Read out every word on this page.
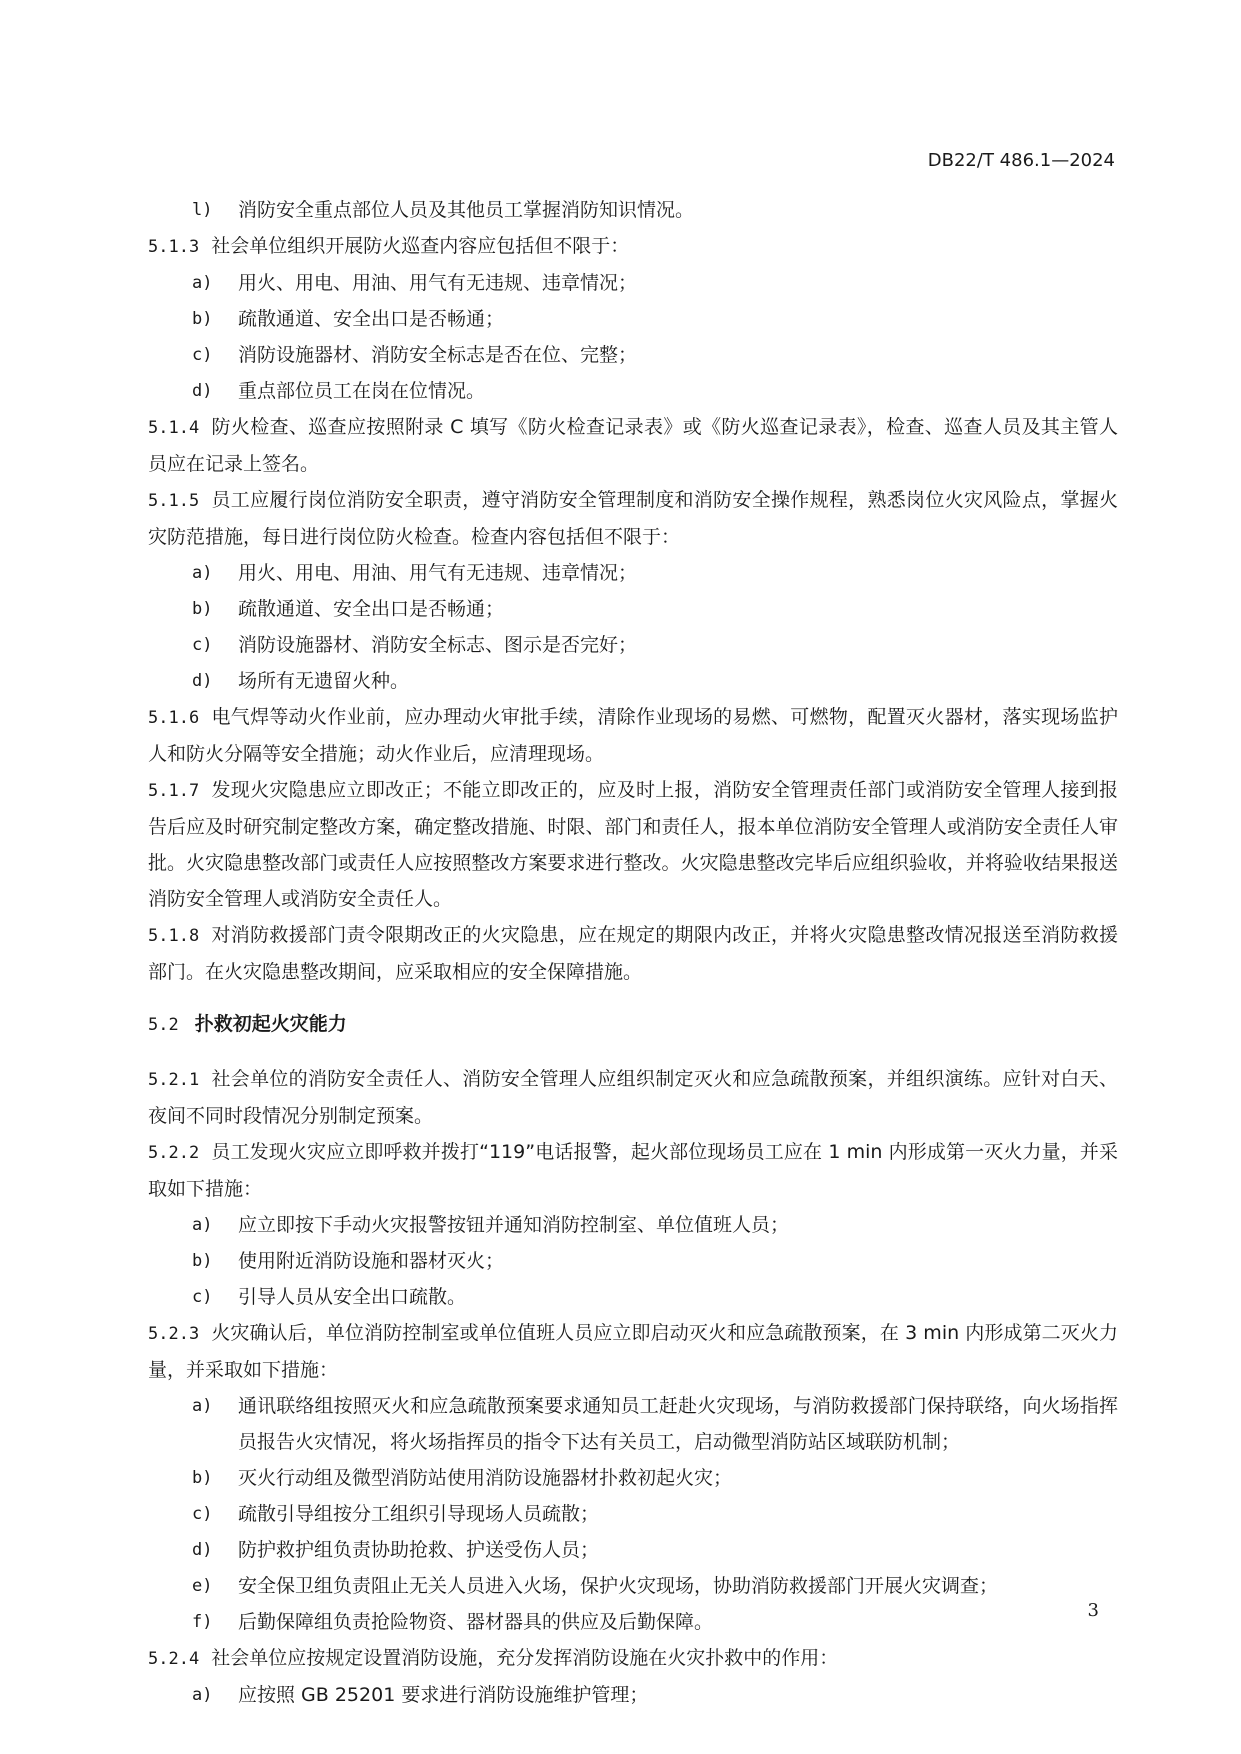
DB22/T 486.1—2024
l)	消防安全重点部位人员及其他员工掌握消防知识情况。

5.1.3 社会单位组织开展防火巡查内容应包括但不限于：

a)	用火、用电、用油、用气有无违规、违章情况；
b)	疏散通道、安全出口是否畅通；
c)	消防设施器材、消防安全标志是否在位、完整；
d)	重点部位员工在岗在位情况。

5.1.4 防火检查、巡查应按照附录 C 填写《防火检查记录表》或《防火巡查记录表》，检查、巡查人员及其主管人员应在记录上签名。

5.1.5 员工应履行岗位消防安全职责，遵守消防安全管理制度和消防安全操作规程，熟悉岗位火灾风险点，掌握火灾防范措施，每日进行岗位防火检查。检查内容包括但不限于：

a)	用火、用电、用油、用气有无违规、违章情况；
b)	疏散通道、安全出口是否畅通；
c)	消防设施器材、消防安全标志、图示是否完好；
d)	场所有无遗留火种。

5.1.6 电气焊等动火作业前，应办理动火审批手续，清除作业现场的易燃、可燃物，配置灭火器材，落实现场监护人和防火分隔等安全措施；动火作业后，应清理现场。

5.1.7 发现火灾隐患应立即改正；不能立即改正的，应及时上报，消防安全管理责任部门或消防安全管理人接到报告后应及时研究制定整改方案，确定整改措施、时限、部门和责任人，报本单位消防安全管理人或消防安全责任人审批。火灾隐患整改部门或责任人应按照整改方案要求进行整改。火灾隐患整改完毕后应组织验收，并将验收结果报送消防安全管理人或消防安全责任人。

5.1.8 对消防救援部门责令限期改正的火灾隐患，应在规定的期限内改正，并将火灾隐患整改情况报送至消防救援部门。在火灾隐患整改期间，应采取相应的安全保障措施。

5.2 扑救初起火灾能力

5.2.1 社会单位的消防安全责任人、消防安全管理人应组织制定灭火和应急疏散预案，并组织演练。应针对白天、夜间不同时段情况分别制定预案。

5.2.2 员工发现火灾应立即呼救并拨打“119”电话报警，起火部位现场员工应在 1 min 内形成第一灭火力量，并采取如下措施：

a)	应立即按下手动火灾报警按钮并通知消防控制室、单位值班人员；
b)	使用附近消防设施和器材灭火；
c)	引导人员从安全出口疏散。

5.2.3 火灾确认后，单位消防控制室或单位值班人员应立即启动灭火和应急疏散预案，在 3 min 内形成第二灭火力量，并采取如下措施：

a)	通讯联络组按照灭火和应急疏散预案要求通知员工赶赴火灾现场，与消防救援部门保持联络，向火场指挥员报告火灾情况，将火场指挥员的指令下达有关员工，启动微型消防站区域联防机制；
b)	灭火行动组及微型消防站使用消防设施器材扑救初起火灾；
c)	疏散引导组按分工组织引导现场人员疏散；
d)	防护救护组负责协助抢救、护送受伤人员；
e)	安全保卫组负责阻止无关人员进入火场，保护火灾现场，协助消防救援部门开展火灾调查；
f)	后勤保障组负责抢险物资、器材器具的供应及后勤保障。

5.2.4 社会单位应按规定设置消防设施，充分发挥消防设施在火灾扑救中的作用：

a)	应按照 GB 25201 要求进行消防设施维护管理；
3
